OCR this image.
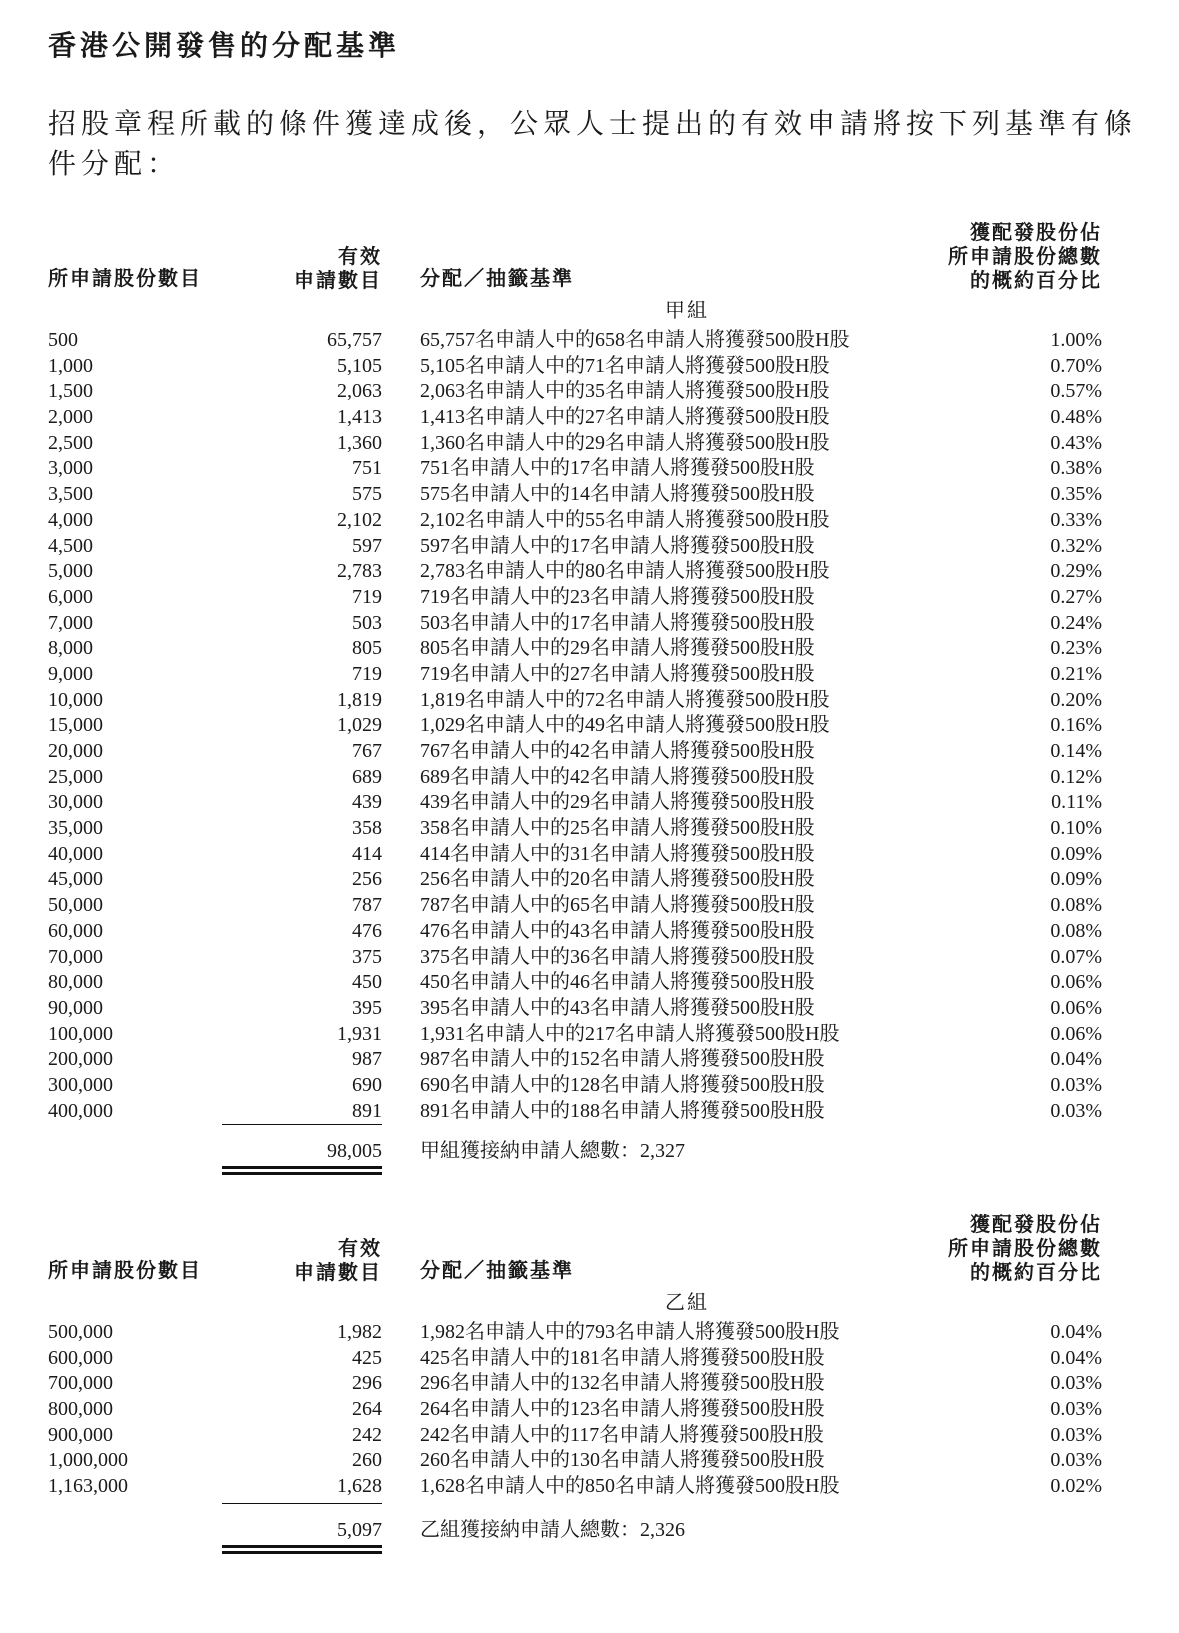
香港公開發售的分配基準
招股章程所載的條件獲達成後，公眾人士提出的有效申請將按下列基準有條件分配：
所申請股份數目
有效
申請數目 分配／抽籤基準
獲配發股份佔
所申請股份總數
的概約百分比
甲組
500	65,757 65,757名申請人中的658名申請人將獲發500股H股	1.00%
1,000	5,105 5,105名申請人中的71名申請人將獲發500股H股	0.70%
1,500	2,063 2,063名申請人中的35名申請人將獲發500股H股	0.57%
2,000	1,413 1,413名申請人中的27名申請人將獲發500股H股	0.48%
2,500	1,360 1,360名申請人中的29名申請人將獲發500股H股	0.43%
3,000	751 751名申請人中的17名申請人將獲發500股H股	0.38%
3,500	575 575名申請人中的14名申請人將獲發500股H股	0.35%
4,000	2,102 2,102名申請人中的55名申請人將獲發500股H股	0.33%
4,500	597 597名申請人中的17名申請人將獲發500股H股	0.32%
5,000	2,783 2,783名申請人中的80名申請人將獲發500股H股	0.29%
6,000	719 719名申請人中的23名申請人將獲發500股H股	0.27%
7,000	503 503名申請人中的17名申請人將獲發500股H股	0.24%
8,000	805 805名申請人中的29名申請人將獲發500股H股	0.23%
9,000	719 719名申請人中的27名申請人將獲發500股H股	0.21%
10,000	1,819 1,819名申請人中的72名申請人將獲發500股H股	0.20%
15,000	1,029 1,029名申請人中的49名申請人將獲發500股H股	0.16%
20,000	767 767名申請人中的42名申請人將獲發500股H股	0.14%
25,000	689 689名申請人中的42名申請人將獲發500股H股	0.12%
30,000	439 439名申請人中的29名申請人將獲發500股H股	0.11%
35,000	358 358名申請人中的25名申請人將獲發500股H股	0.10%
40,000	414 414名申請人中的31名申請人將獲發500股H股	0.09%
45,000	256 256名申請人中的20名申請人將獲發500股H股	0.09%
50,000	787 787名申請人中的65名申請人將獲發500股H股	0.08%
60,000	476 476名申請人中的43名申請人將獲發500股H股	0.08%
70,000	375 375名申請人中的36名申請人將獲發500股H股	0.07%
80,000	450 450名申請人中的46名申請人將獲發500股H股	0.06%
90,000	395 395名申請人中的43名申請人將獲發500股H股	0.06%
100,000	1,931 1,931名申請人中的217名申請人將獲發500股H股	0.06%
200,000	987 987名申請人中的152名申請人將獲發500股H股	0.04%
300,000	690 690名申請人中的128名申請人將獲發500股H股	0.03%
400,000	891 891名申請人中的188名申請人將獲發500股H股	0.03%
98,005 甲組獲接納申請人總數：2,327
所申請股份數目
有效
申請數目 分配／抽籤基準
獲配發股份佔
所申請股份總數
的概約百分比
乙組
500,000	1,982 1,982名申請人中的793名申請人將獲發500股H股	0.04%
600,000	425 425名申請人中的181名申請人將獲發500股H股	0.04%
700,000	296 296名申請人中的132名申請人將獲發500股H股	0.03%
800,000	264 264名申請人中的123名申請人將獲發500股H股	0.03%
900,000	242 242名申請人中的117名申請人將獲發500股H股	0.03%
1,000,000	260 260名申請人中的130名申請人將獲發500股H股	0.03%
1,163,000	1,628 1,628名申請人中的850名申請人將獲發500股H股	0.02%
5,097 乙組獲接納申請人總數：2,326
